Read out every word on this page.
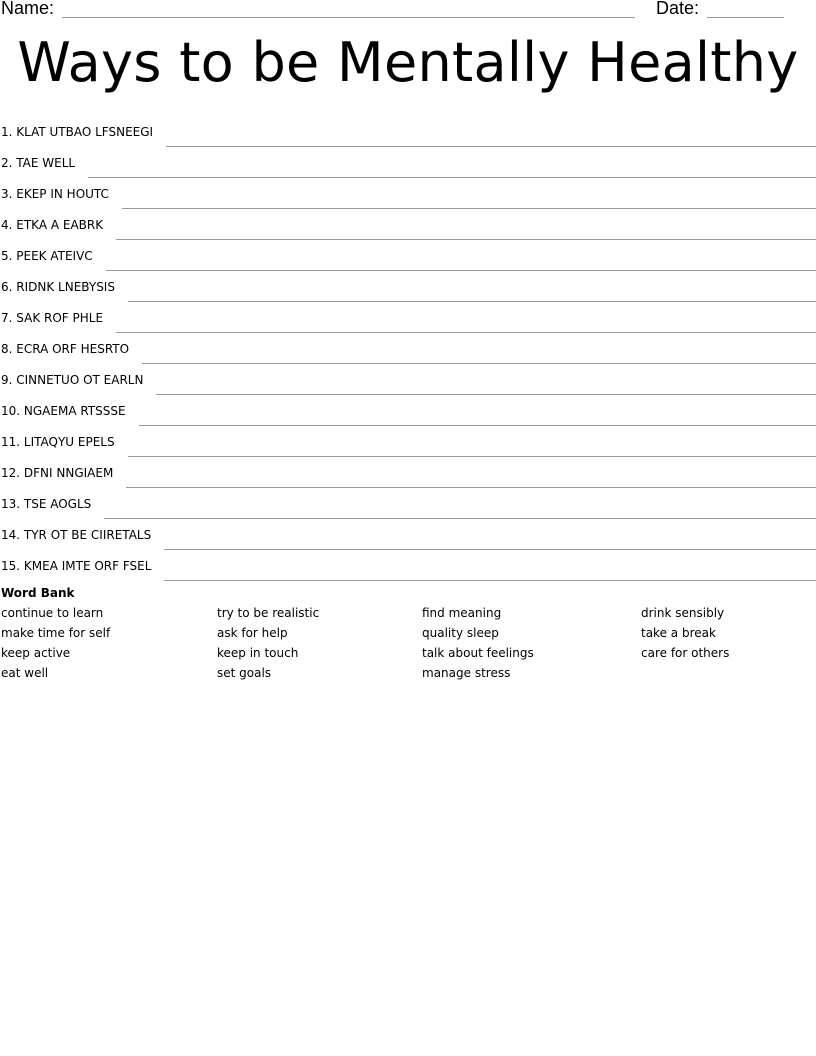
Name:	Date:
Ways to be Mentally Healthy
1. KLAT UTBAO LFSNEEGI
2. TAE WELL
3. EKEP IN HOUTC
4. ETKA A EABRK
5. PEEK ATEIVC
6. RIDNK LNEBYSIS
7. SAK ROF PHLE
8. ECRA ORF HESRTO
9. CINNETUO OT EARLN
10. NGAEMA RTSSSE
11. LITAQYU EPELS
12. DFNI NNGIAEM
13. TSE AOGLS
14. TYR OT BE CIIRETALS
15. KMEA IMTE ORF FSEL
Word Bank
continue to learn
make time for self
keep active
eat well
try to be realistic
ask for help
keep in touch
set goals
find meaning
quality sleep
talk about feelings
manage stress
drink sensibly
take a break
care for others
